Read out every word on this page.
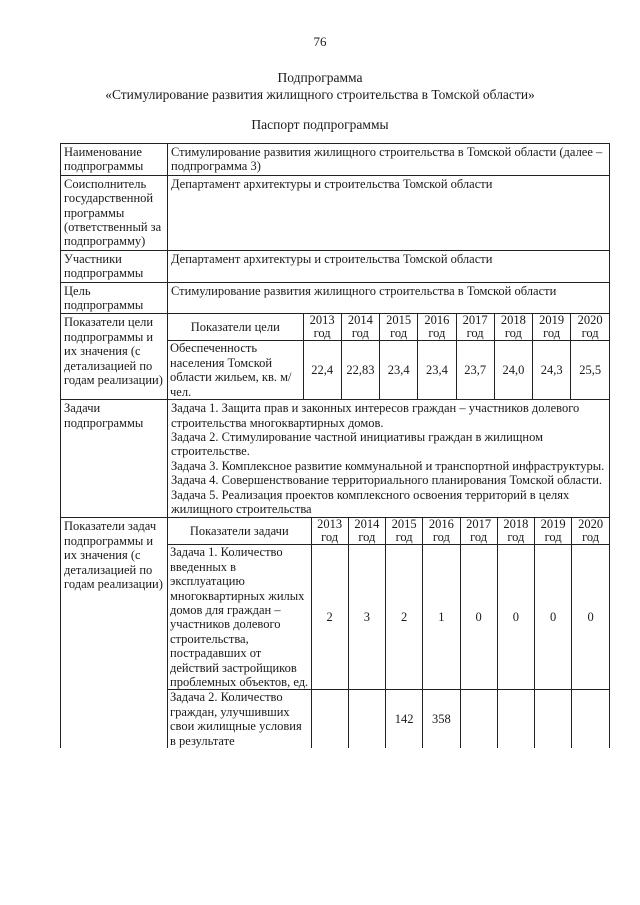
76
Подпрограмма
«Стимулирование развития жилищного строительства в Томской области»
Паспорт подпрограммы
Наименование подпрограммы	Стимулирование развития жилищного строительства в Томской области (далее – подпрограмма 3)
Соисполнитель государственной программы (ответственный за подпрограмму)	Департамент архитектуры и строительства Томской области
Участники подпрограммы	Департамент архитектуры и строительства Томской области
Цель подпрограммы	Стимулирование развития жилищного строительства в Томской области
Показатели цели подпрограммы и их значения (с детализацией по годам реализации)	
Показатели цели	2013 год	2014 год	2015 год	2016 год	2017 год	2018 год	2019 год	2020 год
Обеспеченность населения Томской области жильем, кв. м/чел.	22,4	22,83	23,4	23,4	23,7	24,0	24,3	25,5

Задачи подпрограммы	
Задача 1. Защита прав и законных интересов граждан – участников долевого строительства многоквартирных домов.
Задача 2. Стимулирование частной инициативы граждан в жилищном строительстве.
Задача 3. Комплексное развитие коммунальной и транспортной инфраструктуры.
Задача 4. Совершенствование территориального планирования Томской области.
Задача 5. Реализация проектов комплексного освоения территорий в целях жилищного строительства

Показатели задач подпрограммы и их значения (с детализацией по годам реализации)	
Показатели задачи	2013 год	2014 год	2015 год	2016 год	2017 год	2018 год	2019 год	2020 год
Задача 1. Количество введенных в эксплуатацию многоквартирных жилых домов для граждан – участников долевого строительства, пострадавших от действий застройщиков проблемных объектов, ед.	2	3	2	1	0	0	0	0
Задача 2. Количество граждан, улучшивших свои жилищные условия в результате			142	358				
